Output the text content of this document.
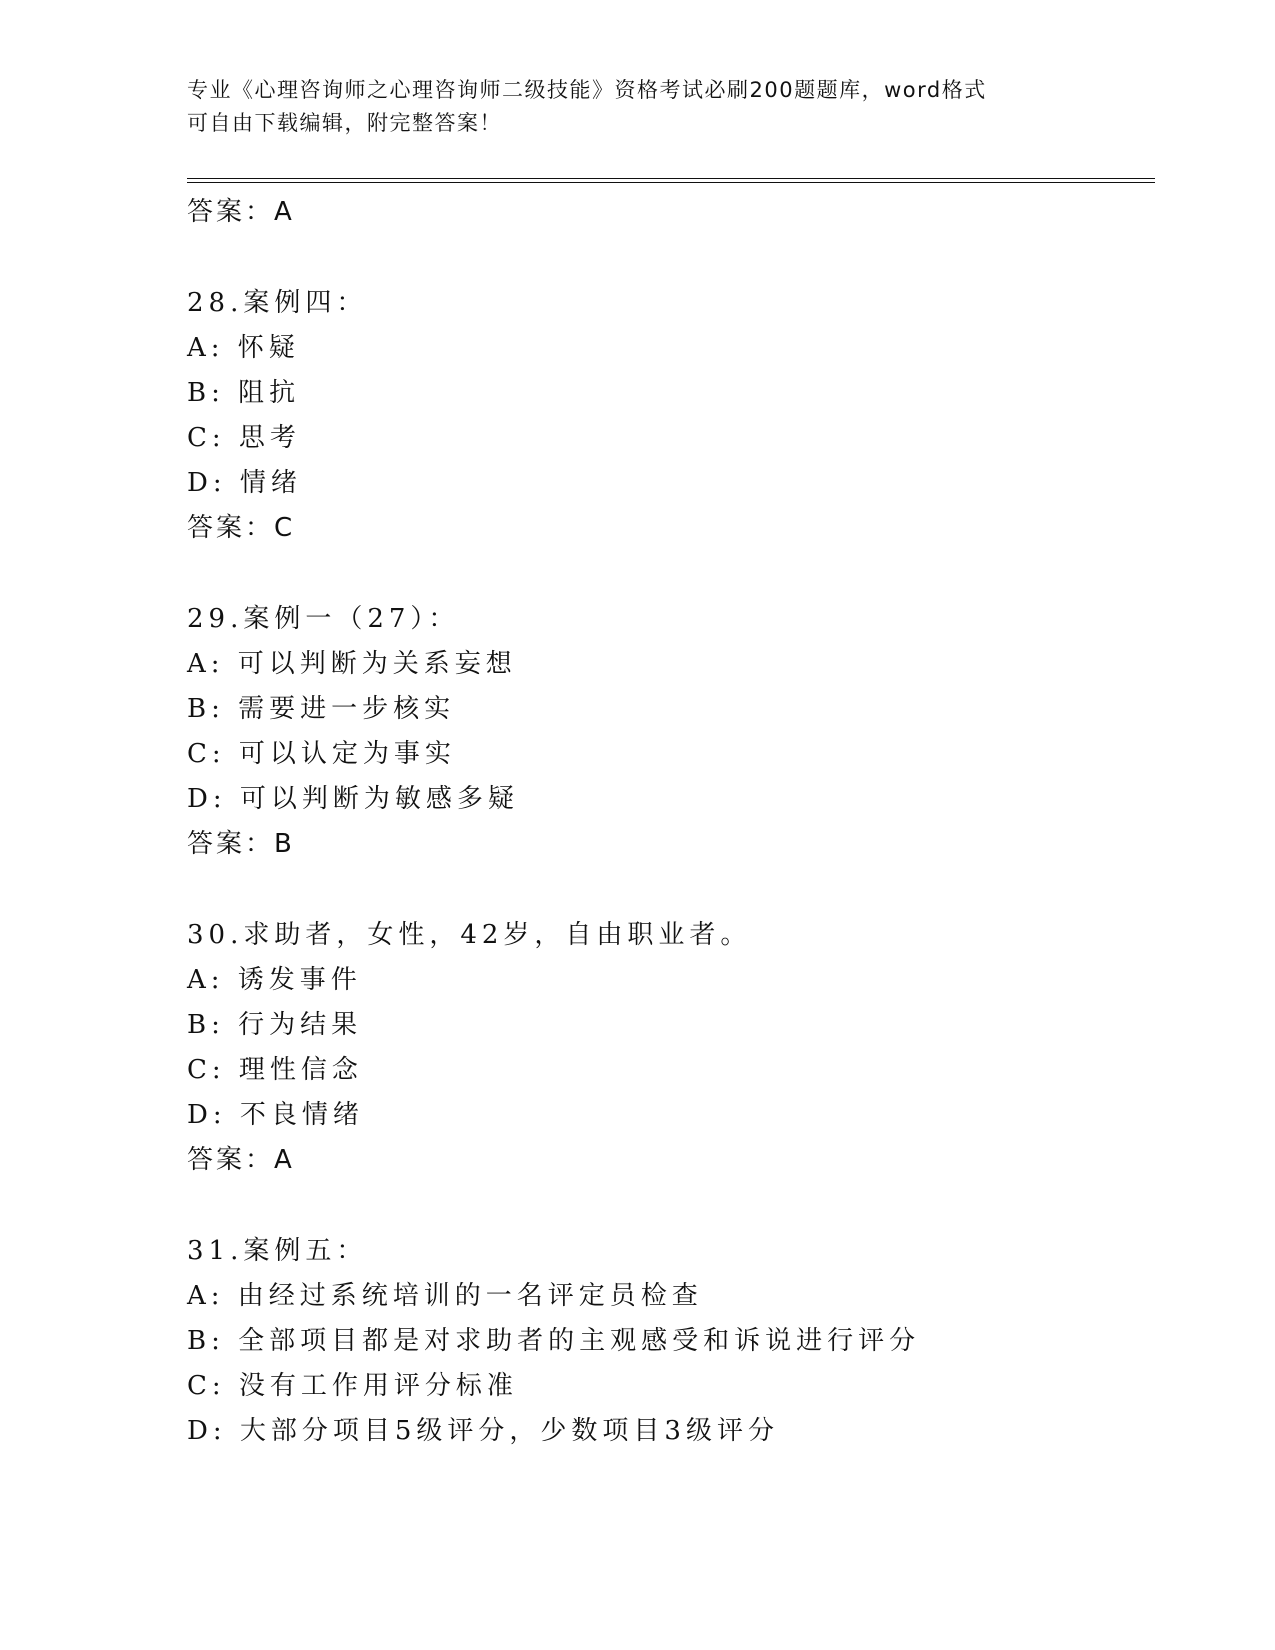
专业《心理咨询师之心理咨询师二级技能》资格考试必刷200题题库，word格式
可自由下载编辑，附完整答案！
答案：A
28.案例四：
A: 怀疑
B: 阻抗
C: 思考
D: 情绪
答案：C
29.案例一（27）：
A: 可以判断为关系妄想
B: 需要进一步核实
C: 可以认定为事实
D: 可以判断为敏感多疑
答案：B
30.求助者，女性，42岁，自由职业者。
A: 诱发事件
B: 行为结果
C: 理性信念
D: 不良情绪
答案：A
31.案例五：
A: 由经过系统培训的一名评定员检查
B: 全部项目都是对求助者的主观感受和诉说进行评分
C: 没有工作用评分标准
D: 大部分项目5级评分，少数项目3级评分
